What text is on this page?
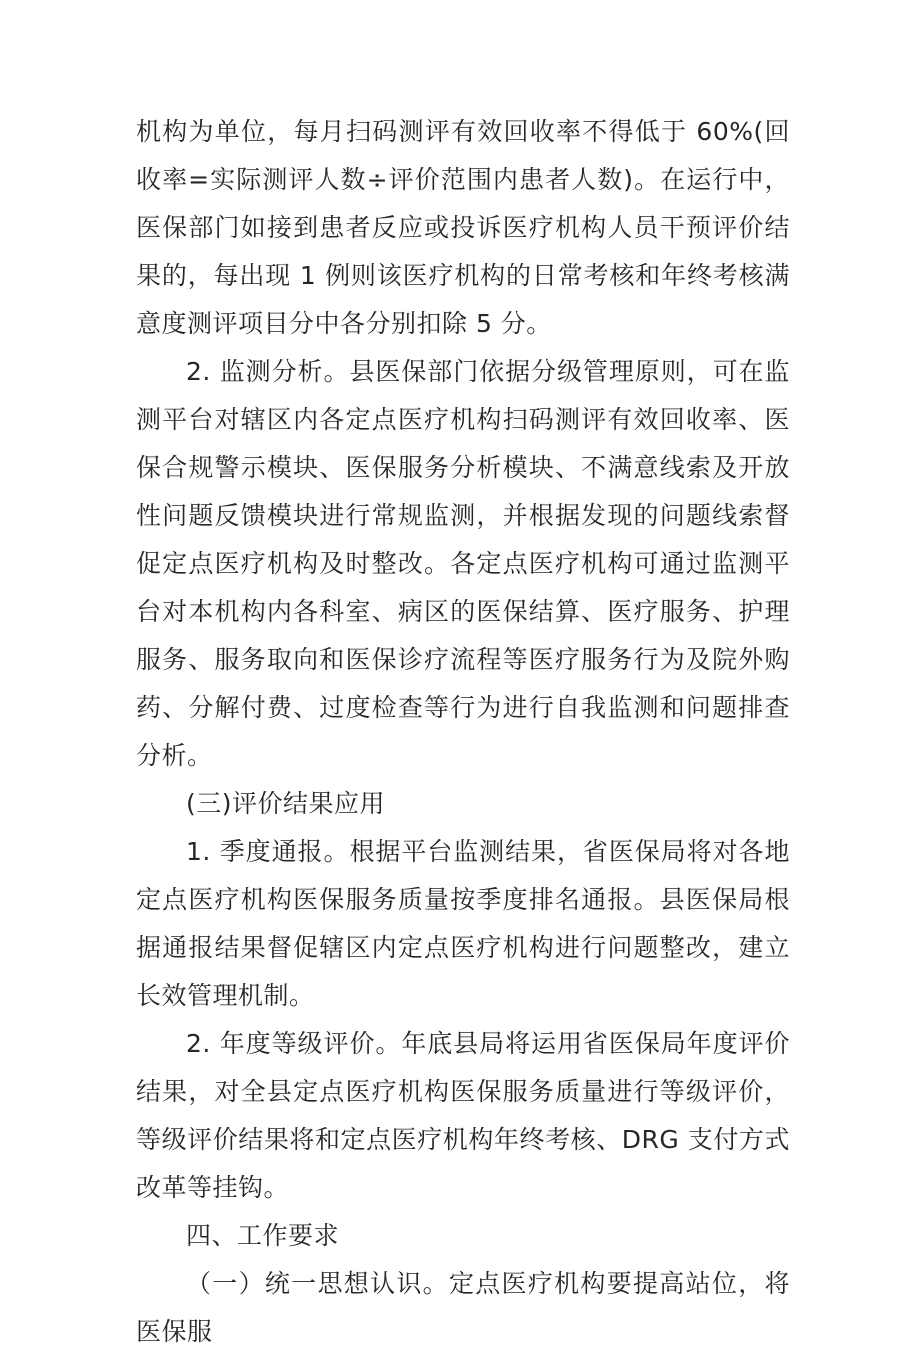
机构为单位，每月扫码测评有效回收率不得低于 60%(回收率=实际测评人数÷评价范围内患者人数)。在运行中，医保部门如接到患者反应或投诉医疗机构人员干预评价结果的，每出现 1 例则该医疗机构的日常考核和年终考核满意度测评项目分中各分别扣除 5 分。

2. 监测分析。县医保部门依据分级管理原则，可在监测平台对辖区内各定点医疗机构扫码测评有效回收率、医保合规警示模块、医保服务分析模块、不满意线索及开放性问题反馈模块进行常规监测，并根据发现的问题线索督促定点医疗机构及时整改。各定点医疗机构可通过监测平台对本机构内各科室、病区的医保结算、医疗服务、护理服务、服务取向和医保诊疗流程等医疗服务行为及院外购药、分解付费、过度检查等行为进行自我监测和问题排查分析。

(三)评价结果应用

1. 季度通报。根据平台监测结果，省医保局将对各地定点医疗机构医保服务质量按季度排名通报。县医保局根据通报结果督促辖区内定点医疗机构进行问题整改，建立长效管理机制。

2. 年度等级评价。年底县局将运用省医保局年度评价结果，对全县定点医疗机构医保服务质量进行等级评价，等级评价结果将和定点医疗机构年终考核、DRG 支付方式改革等挂钩。

四、工作要求

（一）统一思想认识。定点医疗机构要提高站位，将医保服
